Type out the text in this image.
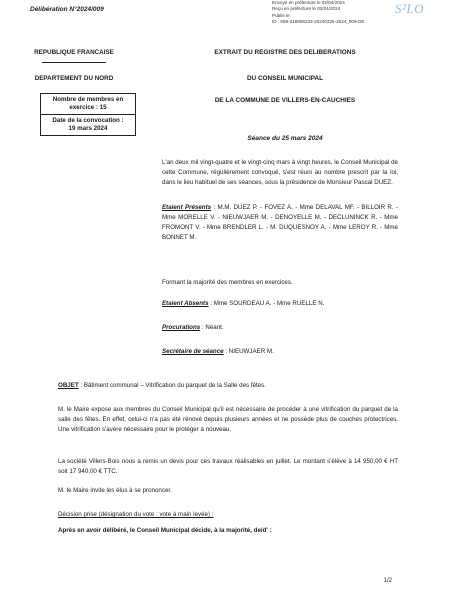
Délibération N°2024/009
Envoyé en préfecture le 02/04/2024
Reçu en préfecture le 02/04/2024
Publié le
ID : 059-215906223-20240325-2024_009-DE
S²LO
REPUBLIQUE FRANCAISE
DEPARTEMENT DU NORD
Nombre de membres en exercice : 15
Date de la convocation :
19 mars 2024
EXTRAIT DU REGISTRE DES DELIBERATIONS
DU CONSEIL MUNICIPAL
DE LA COMMUNE DE VILLERS-EN-CAUCHIES
Séance du 25 mars 2024
L'an deux mil vingt-quatre et le vingt-cinq mars à vingt heures, le Conseil Municipal de cette Commune, régulièrement convoqué, s'est réuni au nombre prescrit par la loi, dans le lieu habituel de ses séances, sous la présidence de Monsieur Pascal DUEZ.
Etaient Présents : M.M. DUEZ P. - FOVEZ A. - Mme DELAVAL MF. - BILLOIR R. - Mme MORELLE V. - NIEUWJAER M. - DENOYELLE M. - DECLUNINCK R. - Mme FROMONT V. - Mme BRENDLER L. - M. DUQUESNOY A. - Mme LEROY R. - Mme BONNET M.
Formant la majorité des membres en exercices.
Etaient Absents : Mme SOURDEAU A. - Mme RUELLE N.
Procurations : Néant.
Secrétaire de séance : NIEUWJAER M.
OBJET : Bâtiment communal – Vitrification du parquet de la Salle des fêtes.
M. le Maire expose aux membres du Conseil Municipal qu'il est nécessaire de procéder à une vitrification du parquet de la salle des fêtes. En effet, celui-ci n'a pas été rénové depuis plusieurs années et ne possède plus de couches protectrices. Une vitrification s'avère nécessaire pour le protéger à nouveau.
La société Villers-Bois nous a remis un devis pour ces travaux réalisables en juillet. Le montant s'élève à 14 950,00 € HT soit 17 940,00 € TTC.
M. le Maire invite les élus à se prononcer.
Décision prise (désignation du vote : vote à main levée) :
Après en avoir délibéré, le Conseil Municipal décide, à la majorité, de/d' :
1/2
